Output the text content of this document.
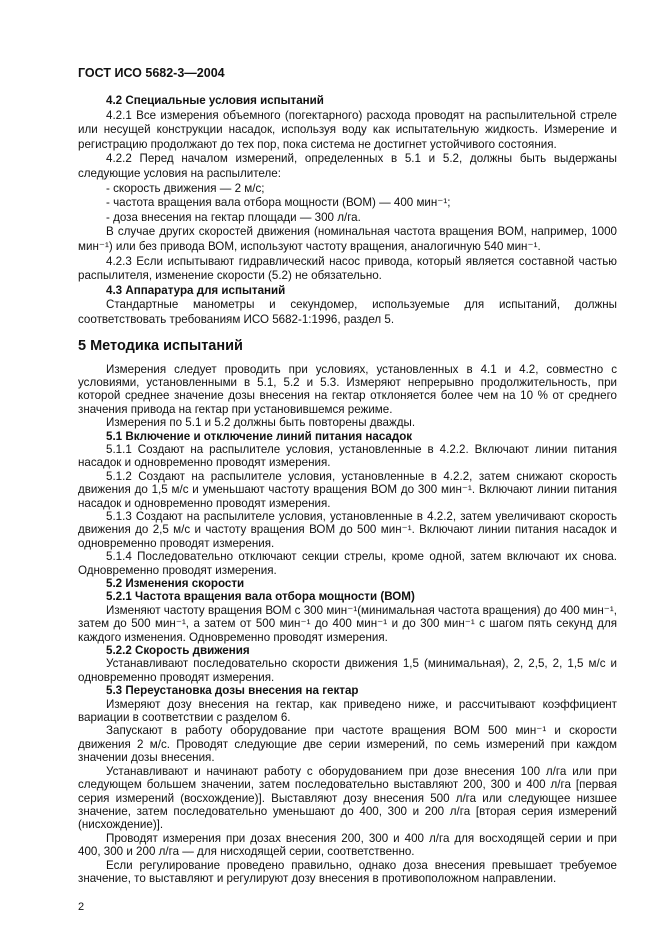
ГОСТ ИСО 5682-3—2004

4.2 Специальные условия испытаний

4.2.1 Все измерения объемного (погектарного) расхода проводят на распылительной стреле или несущей конструкции насадок, используя воду как испытательную жидкость. Измерение и регистрацию продолжают до тех пор, пока система не достигнет устойчивого состояния.

4.2.2 Перед началом измерений, определенных в 5.1 и 5.2, должны быть выдержаны следующие условия на распылителе:

- скорость движения — 2 м/с;

- частота вращения вала отбора мощности (ВОМ) — 400 мин⁻¹;

- доза внесения на гектар площади — 300 л/га.

В случае других скоростей движения (номинальная частота вращения ВОМ, например, 1000 мин⁻¹) или без привода ВОМ, используют частоту вращения, аналогичную 540 мин⁻¹.

4.2.3 Если испытывают гидравлический насос привода, который является составной частью распылителя, изменение скорости (5.2) не обязательно.

4.3 Аппаратура для испытаний

Стандартные манометры и секундомер, используемые для испытаний, должны соответствовать требованиям ИСО 5682-1:1996, раздел 5.

5 Методика испытаний

Измерения следует проводить при условиях, установленных в 4.1 и 4.2, совместно с условиями, установленными в 5.1, 5.2 и 5.3. Измеряют непрерывно продолжительность, при которой среднее значение дозы внесения на гектар отклоняется более чем на 10 % от среднего значения привода на гектар при установившемся режиме.

Измерения по 5.1 и 5.2 должны быть повторены дважды.

5.1 Включение и отключение линий питания насадок

5.1.1 Создают на распылителе условия, установленные в 4.2.2. Включают линии питания насадок и одновременно проводят измерения.

5.1.2 Создают на распылителе условия, установленные в 4.2.2, затем снижают скорость движения до 1,5 м/с и уменьшают частоту вращения ВОМ до 300 мин⁻¹. Включают линии питания насадок и одновременно проводят измерения.

5.1.3 Создают на распылителе условия, установленные в 4.2.2, затем увеличивают скорость движения до 2,5 м/с и частоту вращения ВОМ до 500 мин⁻¹. Включают линии питания насадок и одновременно проводят измерения.

5.1.4 Последовательно отключают секции стрелы, кроме одной, затем включают их снова. Одновременно проводят измерения.

5.2 Изменения скорости

5.2.1 Частота вращения вала отбора мощности (ВОМ)

Изменяют частоту вращения ВОМ с 300 мин⁻¹(минимальная частота вращения) до 400 мин⁻¹, затем до 500 мин⁻¹, а затем от 500 мин⁻¹ до 400 мин⁻¹ и до 300 мин⁻¹ с шагом пять секунд для каждого изменения. Одновременно проводят измерения.

5.2.2 Скорость движения

Устанавливают последовательно скорости движения 1,5 (минимальная), 2, 2,5, 2, 1,5 м/с и одновременно проводят измерения.

5.3 Переустановка дозы внесения на гектар

Измеряют дозу внесения на гектар, как приведено ниже, и рассчитывают коэффициент вариации в соответствии с разделом 6.

Запускают в работу оборудование при частоте вращения ВОМ 500 мин⁻¹ и скорости движения 2 м/с. Проводят следующие две серии измерений, по семь измерений при каждом значении дозы внесения.

Устанавливают и начинают работу с оборудованием при дозе внесения 100 л/га или при следующем большем значении, затем последовательно выставляют 200, 300 и 400 л/га [первая серия измерений (восхождение)]. Выставляют дозу внесения 500 л/га или следующее низшее значение, затем последовательно уменьшают до 400, 300 и 200 л/га [вторая серия измерений (нисхождение)].

Проводят измерения при дозах внесения 200, 300 и 400 л/га для восходящей серии и при 400, 300 и 200 л/га — для нисходящей серии, соответственно.

Если регулирование проведено правильно, однако доза внесения превышает требуемое значение, то выставляют и регулируют дозу внесения в противоположном направлении.

2
